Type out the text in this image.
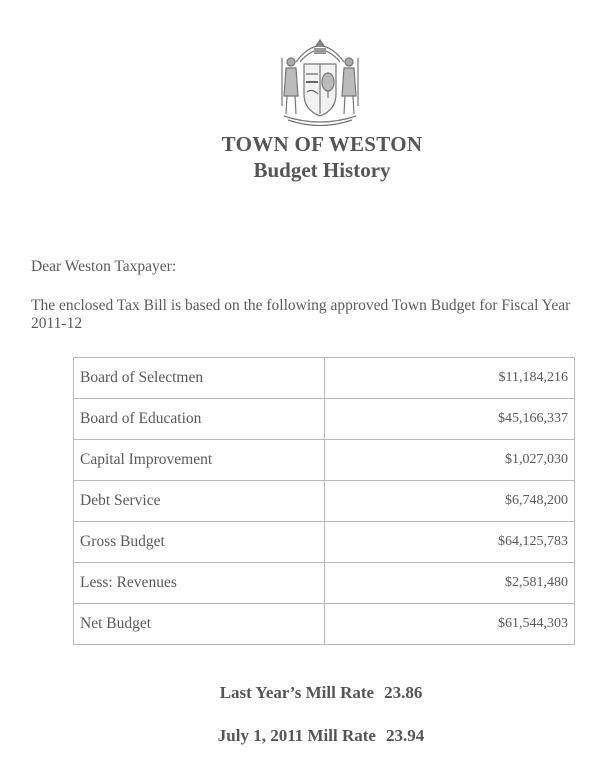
TOWN OF WESTON
Budget History
Dear Weston Taxpayer:
The enclosed Tax Bill is based on the following approved Town Budget for Fiscal Year 2011-12
Board of Selectmen	$11,184,216
Board of Education	$45,166,337
Capital Improvement	$1,027,030
Debt Service	$6,748,200
Gross Budget	$64,125,783
Less: Revenues	$2,581,480
Net Budget	$61,544,303
Last Year’s Mill Rate 23.86
July 1, 2011 Mill Rate 23.94
